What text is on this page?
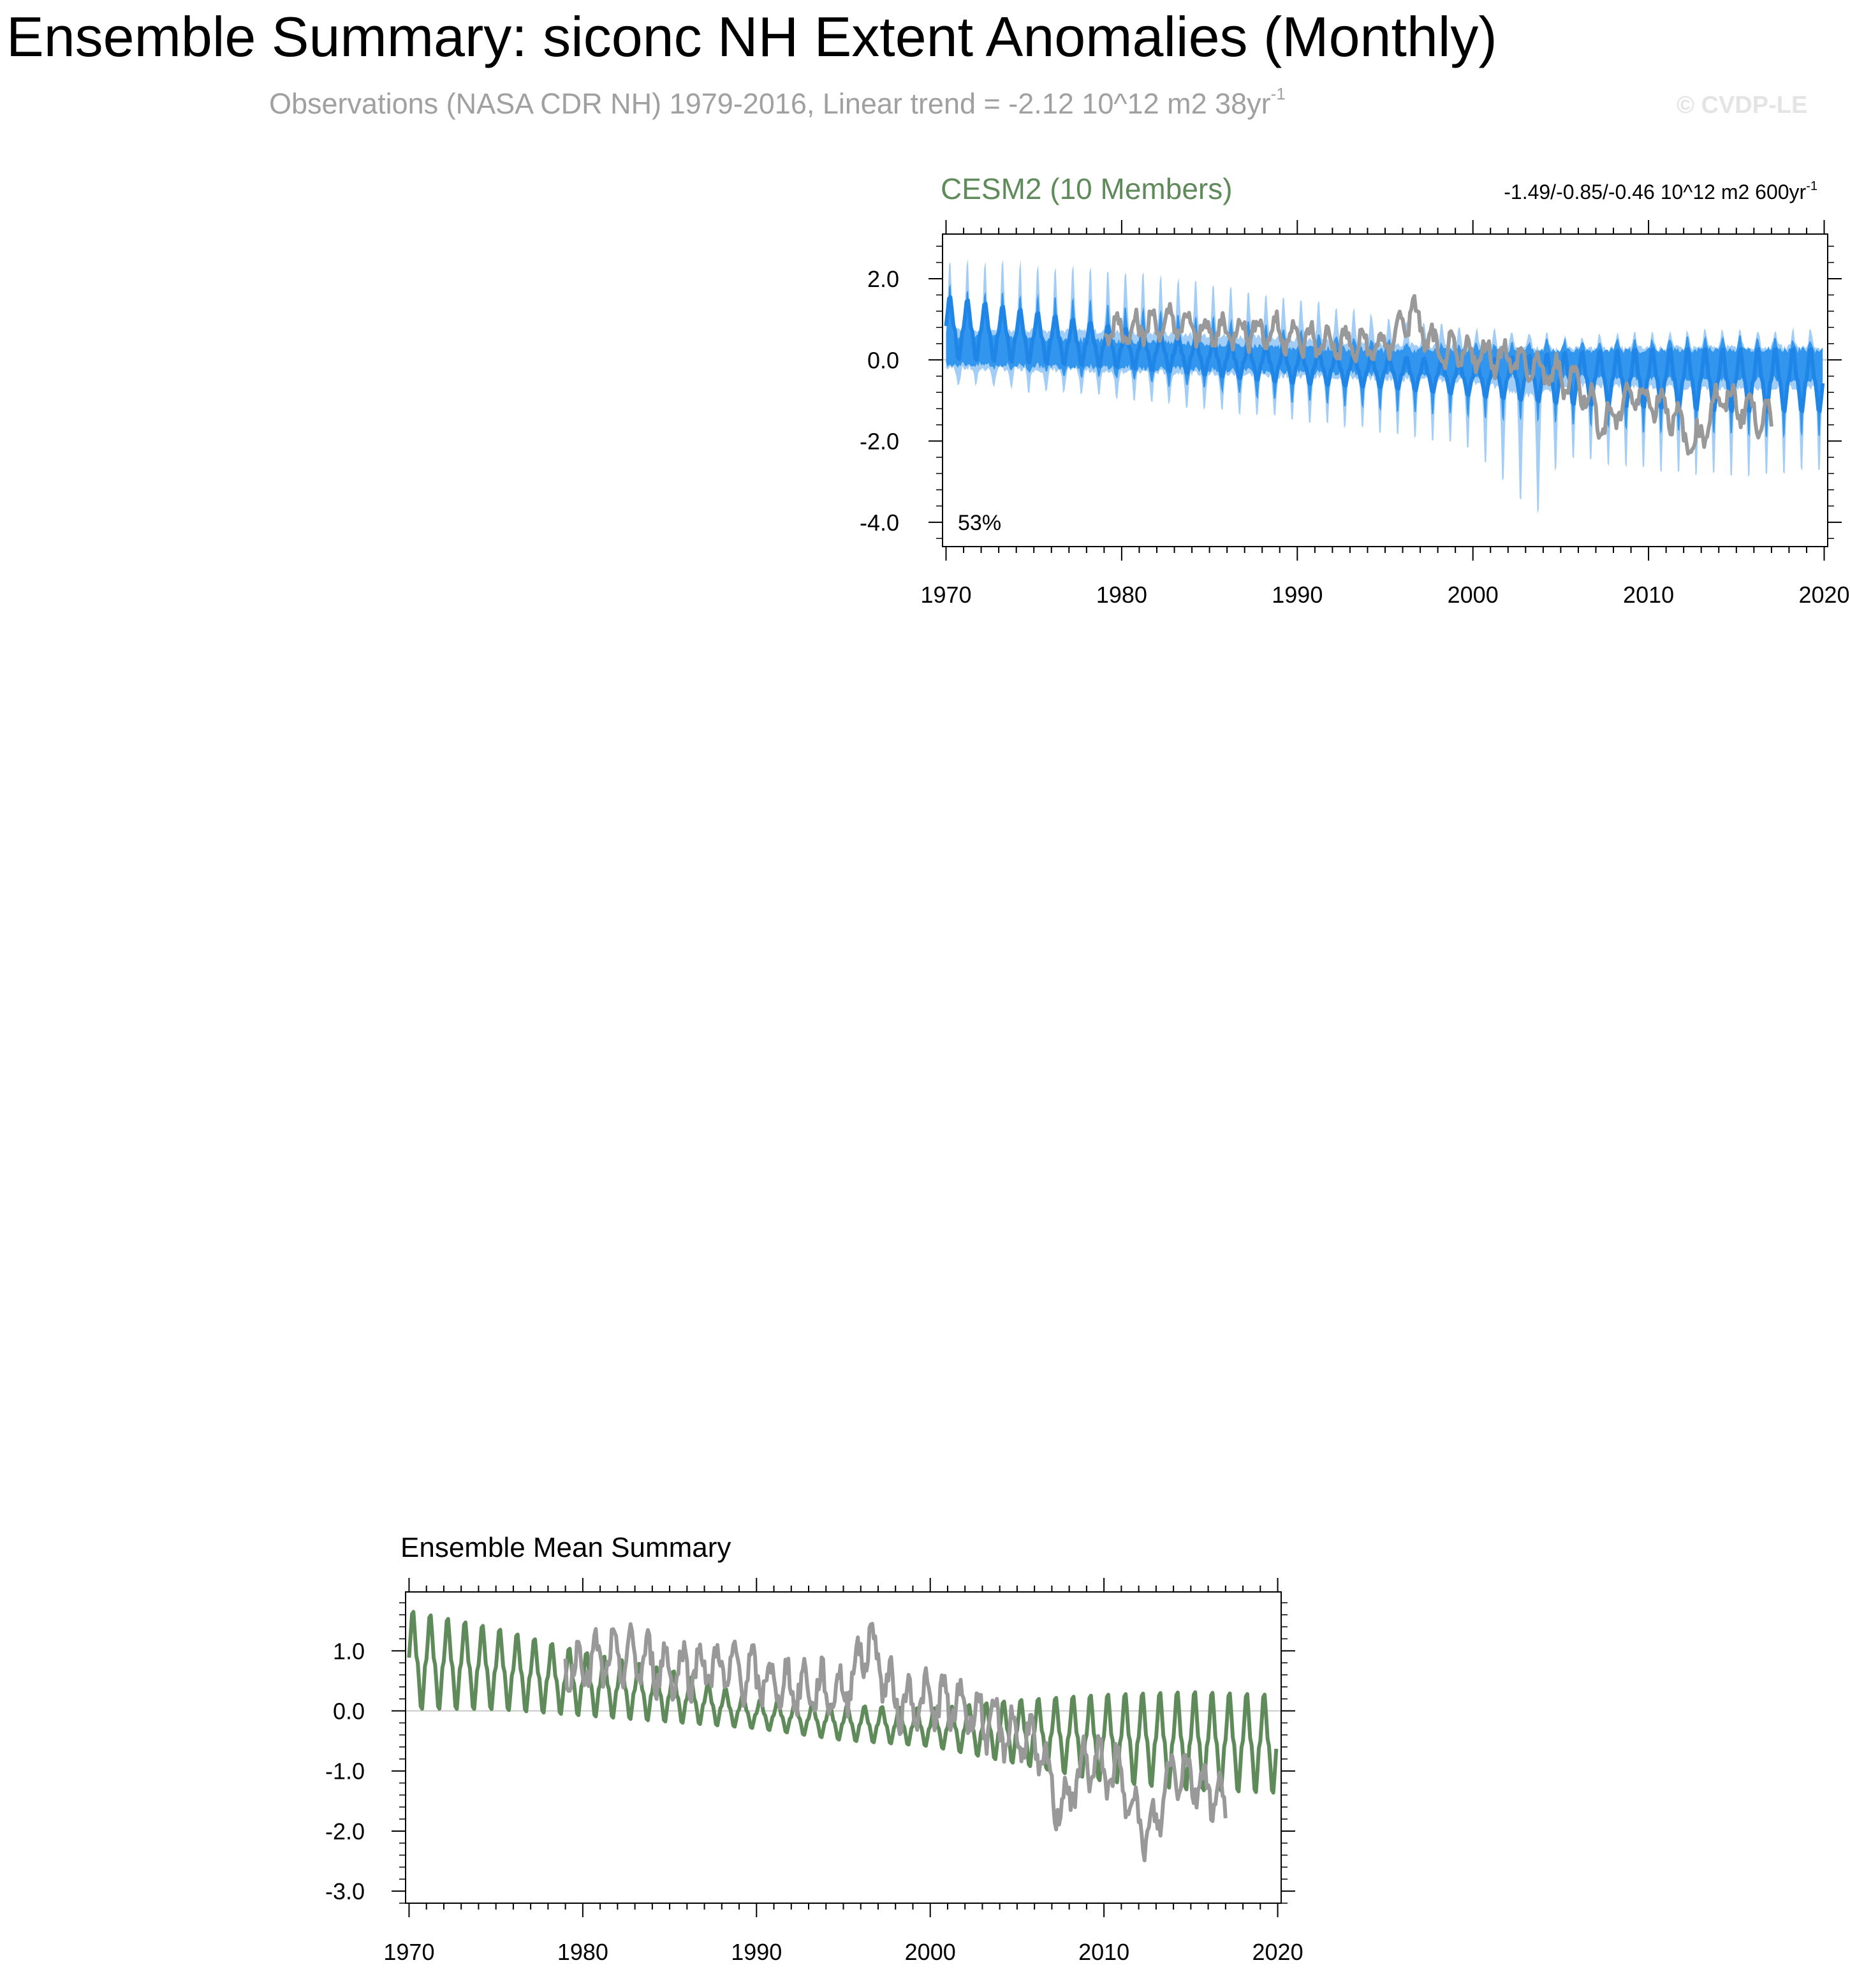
Ensemble Summary: siconc NH Extent Anomalies (Monthly)
Observations (NASA CDR NH) 1979-2016, Linear trend = -2.12 10^12 m2 $38yr^{-1}$	© CVDP-LE
CESM2 (10 Members)	-1.49/-0.85/-0.46 10^12 m2 $600yr^{-1}$
1970	1980	1990	2000	2010	2020
2.0
0.0
-2.0
-4.0	53%
Ensemble Mean Summary
1970	1980	1990	2000	2010	2020
1.0
0.0
-1.0
-2.0
-3.0
